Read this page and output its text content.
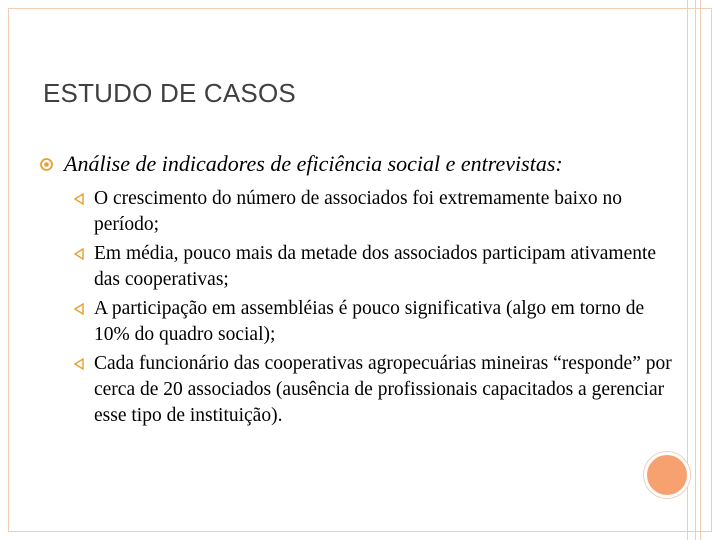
ESTUDO DE CASOS
Análise de indicadores de eficiência social e entrevistas:
O crescimento do número de associados foi extremamente baixo no período;
Em média, pouco mais da metade dos associados participam ativamente das cooperativas;
A participação em assembléias é pouco significativa (algo em torno de 10% do quadro social);
Cada funcionário das cooperativas agropecuárias mineiras “responde” por cerca de 20 associados (ausência de profissionais capacitados a gerenciar esse tipo de instituição).
